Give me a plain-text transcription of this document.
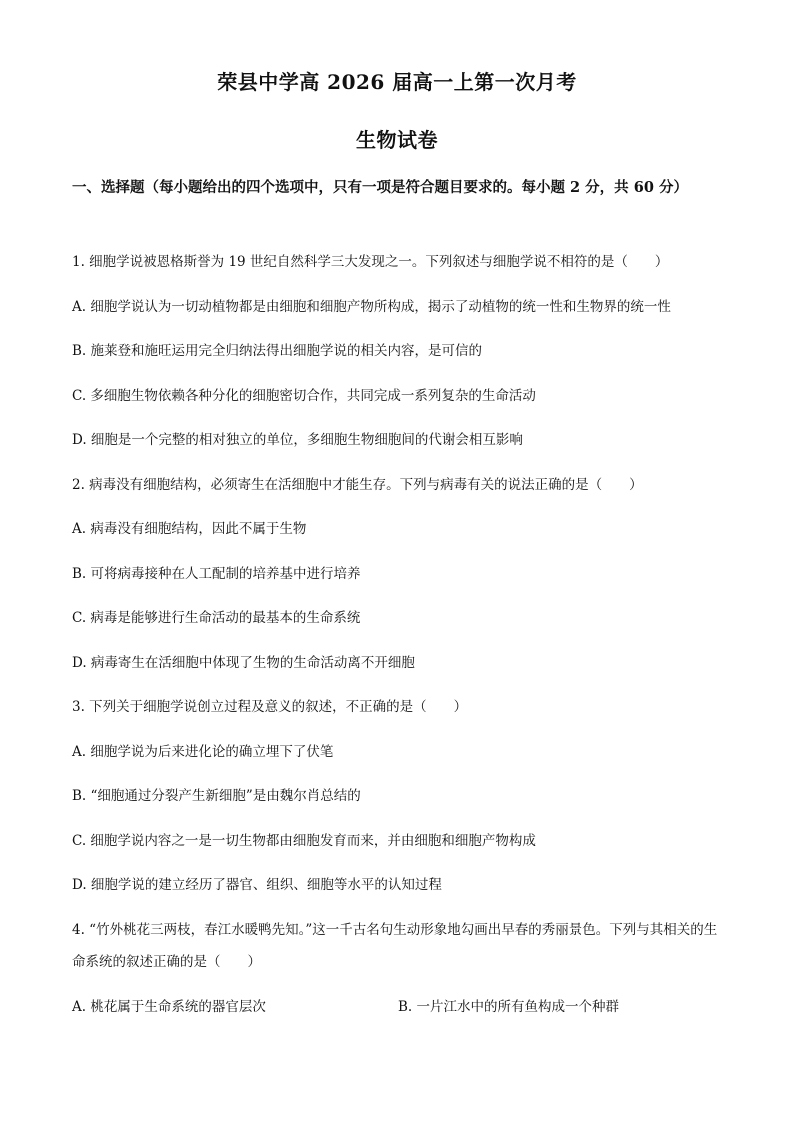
荣县中学高 2026 届高一上第一次月考
生物试卷
一、选择题（每小题给出的四个选项中，只有一项是符合题目要求的。每小题 2 分，共 60 分）
1. 细胞学说被恩格斯誉为 19 世纪自然科学三大发现之一。下列叙述与细胞学说不相符的是（　　）
A. 细胞学说认为一切动植物都是由细胞和细胞产物所构成，揭示了动植物的统一性和生物界的统一性
B. 施莱登和施旺运用完全归纳法得出细胞学说的相关内容，是可信的
C. 多细胞生物依赖各种分化的细胞密切合作，共同完成一系列复杂的生命活动
D. 细胞是一个完整的相对独立的单位，多细胞生物细胞间的代谢会相互影响
2. 病毒没有细胞结构，必须寄生在活细胞中才能生存。下列与病毒有关的说法正确的是（　　）
A. 病毒没有细胞结构，因此不属于生物
B. 可将病毒接种在人工配制的培养基中进行培养
C. 病毒是能够进行生命活动的最基本的生命系统
D. 病毒寄生在活细胞中体现了生物的生命活动离不开细胞
3. 下列关于细胞学说创立过程及意义的叙述，不正确的是（　　）
A. 细胞学说为后来进化论的确立埋下了伏笔
B. “细胞通过分裂产生新细胞”是由魏尔肖总结的
C. 细胞学说内容之一是一切生物都由细胞发育而来，并由细胞和细胞产物构成
D. 细胞学说的建立经历了器官、组织、细胞等水平的认知过程
4. “竹外桃花三两枝，春江水暖鸭先知。”这一千古名句生动形象地勾画出早春的秀丽景色。下列与其相关的生命系统的叙述正确的是（　　）
A. 桃花属于生命系统的器官层次	B. 一片江水中的所有鱼构成一个种群
